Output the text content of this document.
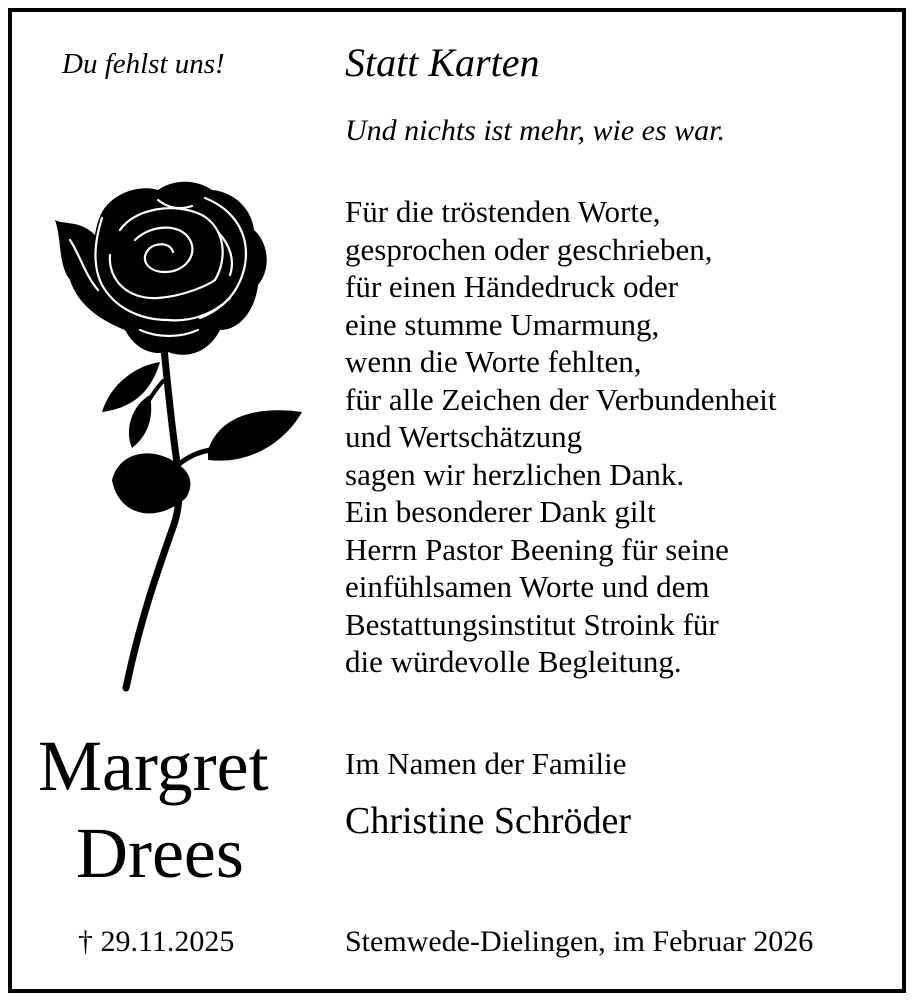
Du fehlst uns!	Statt Karten
Und nichts ist mehr, wie es war.
Für die tröstenden Worte,
gesprochen oder geschrieben,
für einen Händedruck oder
eine stumme Umarmung,
wenn die Worte fehlten,
für alle Zeichen der Verbundenheit
und Wertschätzung
sagen wir herzlichen Dank.
Ein besonderer Dank gilt
Herrn Pastor Beening für seine
einfühlsamen Worte und dem
Bestattungsinstitut Stroink für
die würdevolle Begleitung.
Im Namen der Familie
Christine Schröder
Margret
Drees
† 29.11.2025	Stemwede-Dielingen, im Februar 2026
